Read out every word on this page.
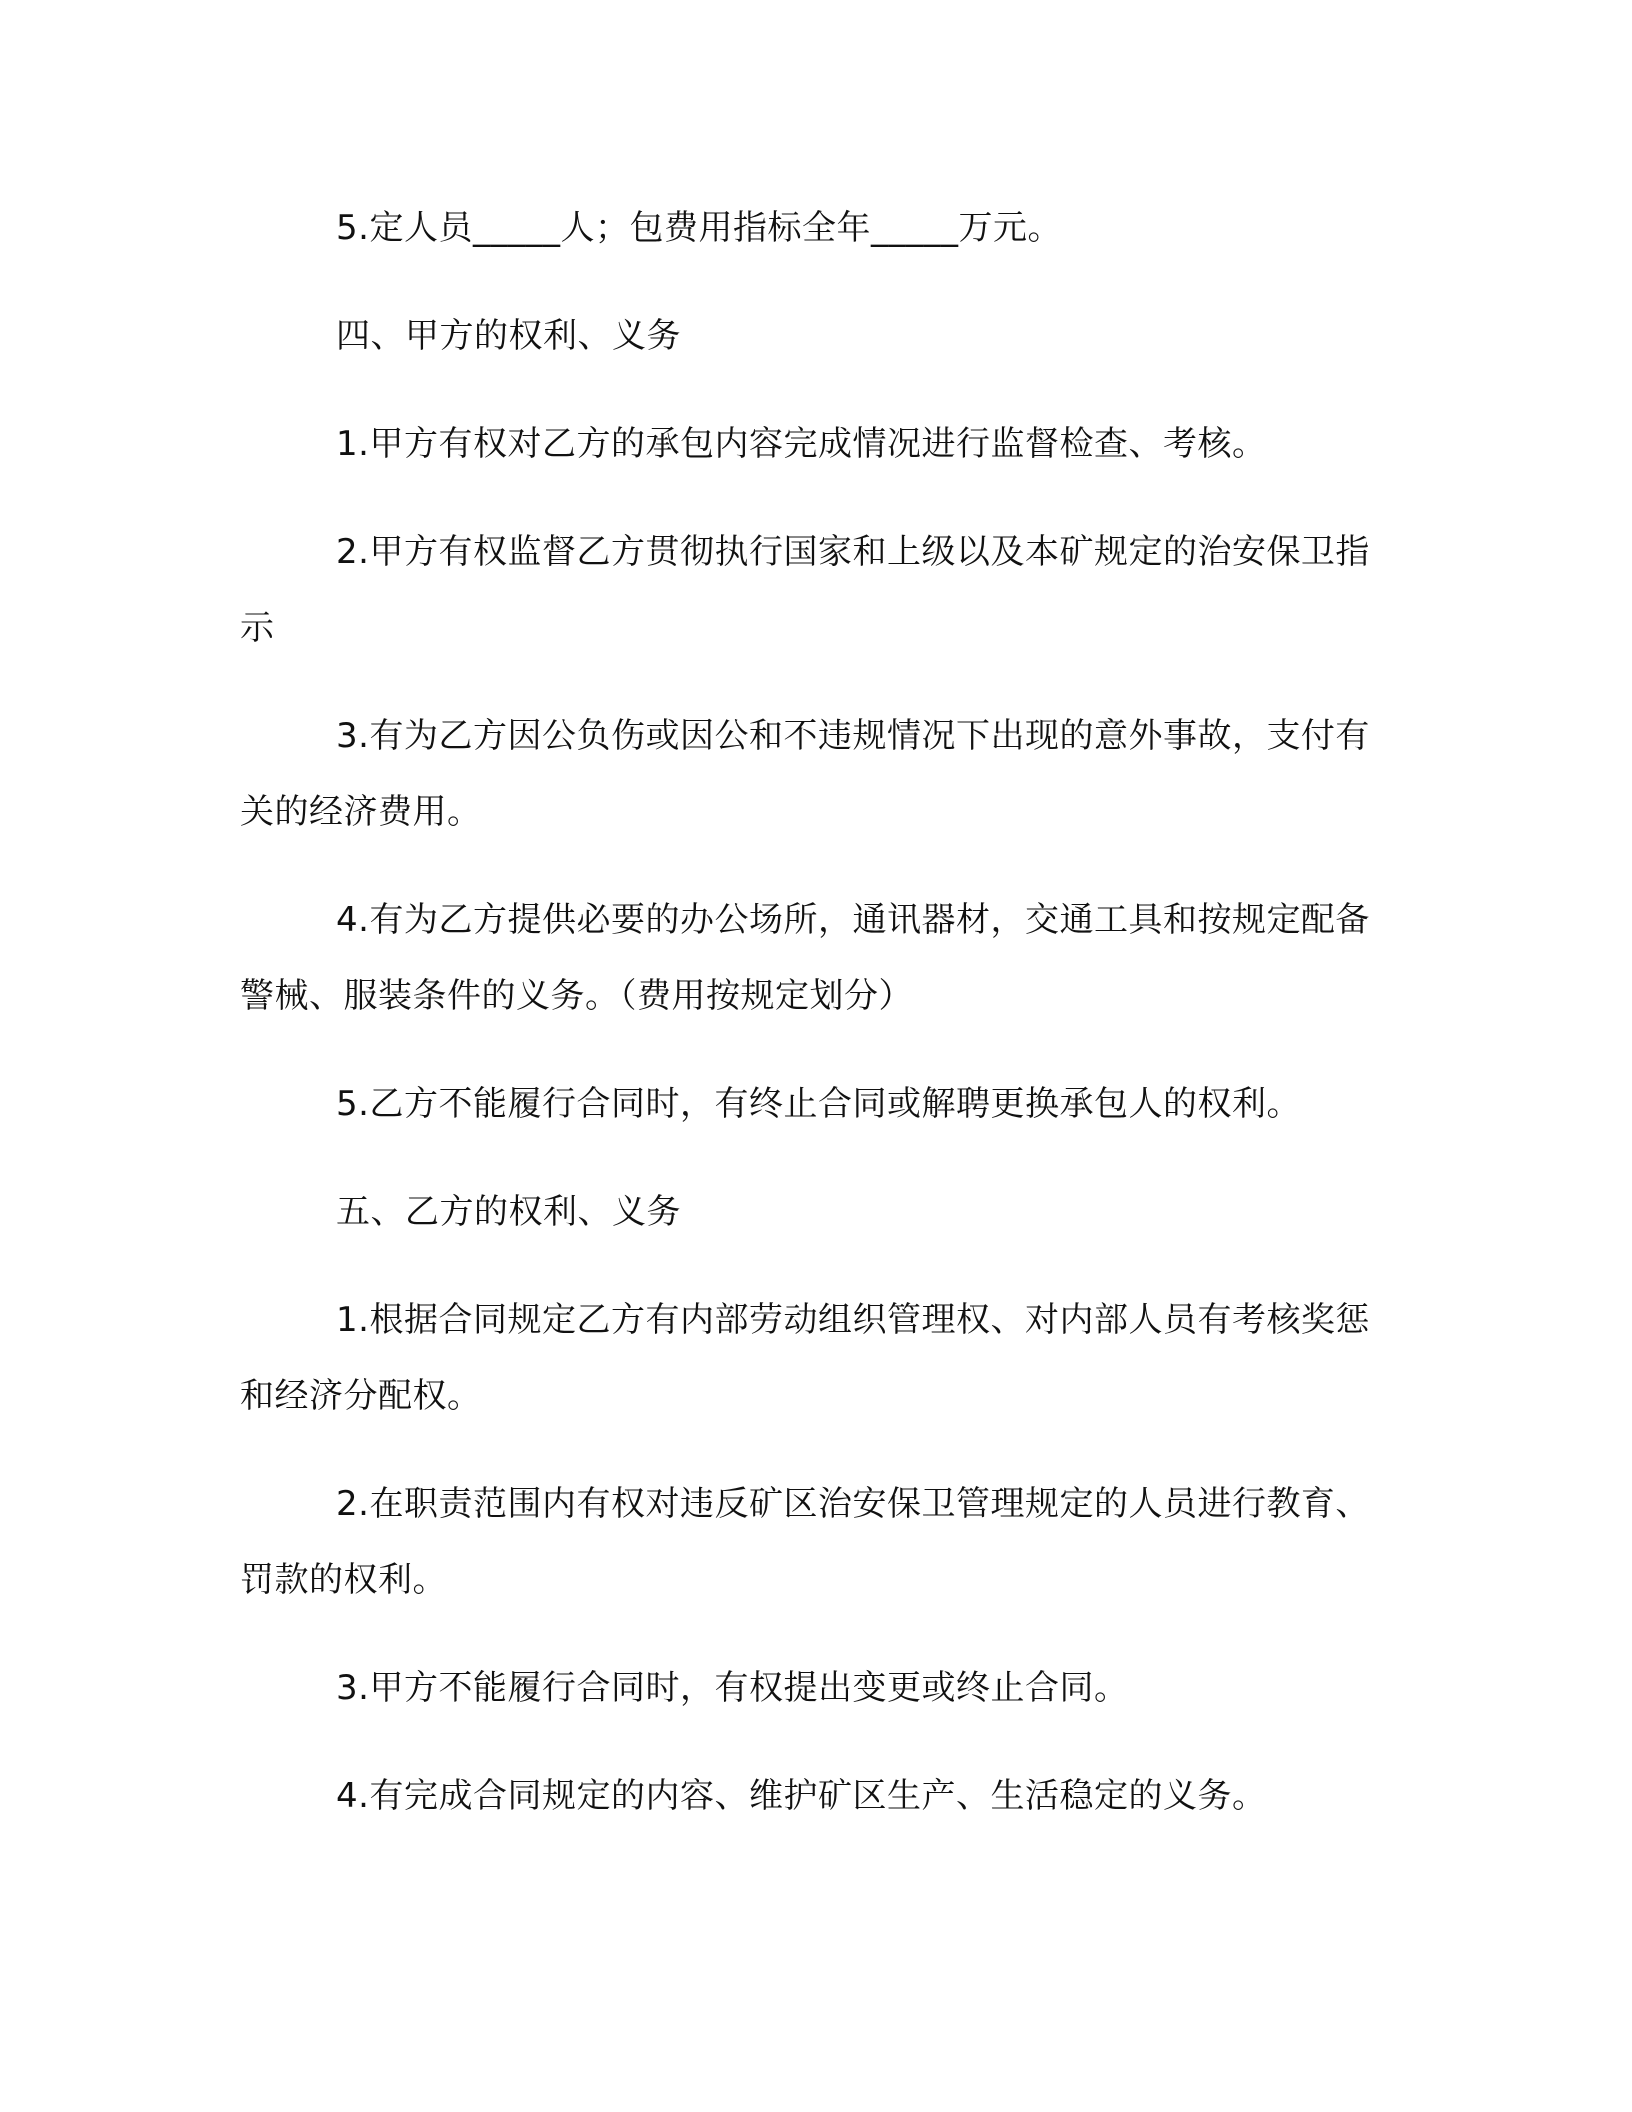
5.定人员_____人；包费用指标全年_____万元。

四、甲方的权利、义务

1.甲方有权对乙方的承包内容完成情况进行监督检查、考核。

2.甲方有权监督乙方贯彻执行国家和上级以及本矿规定的治安保卫指示

3.有为乙方因公负伤或因公和不违规情况下出现的意外事故，支付有关的经济费用。

4.有为乙方提供必要的办公场所，通讯器材，交通工具和按规定配备警械、服装条件的义务。（费用按规定划分）

5.乙方不能履行合同时，有终止合同或解聘更换承包人的权利。

五、乙方的权利、义务

1.根据合同规定乙方有内部劳动组织管理权、对内部人员有考核奖惩和经济分配权。

2.在职责范围内有权对违反矿区治安保卫管理规定的人员进行教育、罚款的权利。

3.甲方不能履行合同时，有权提出变更或终止合同。

4.有完成合同规定的内容、维护矿区生产、生活稳定的义务。
